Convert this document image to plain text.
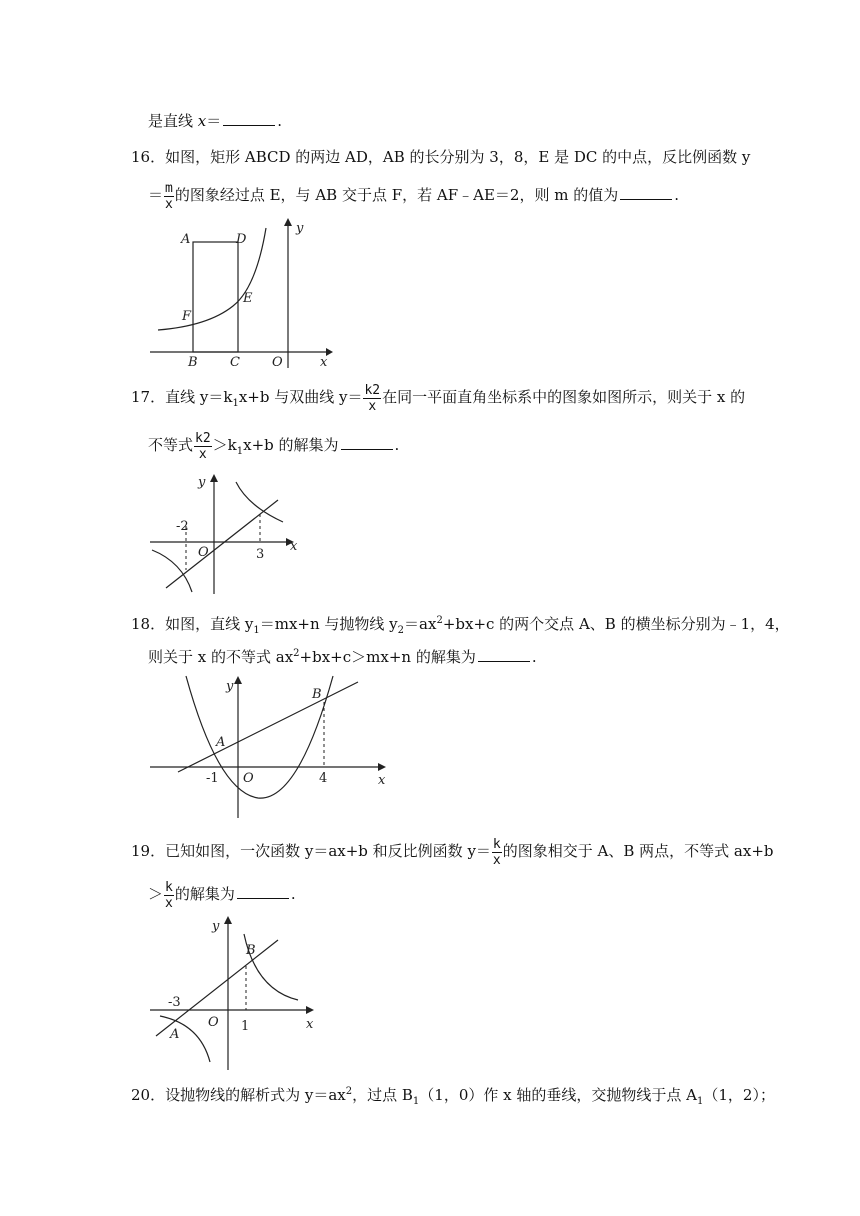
是直线 x＝	.
16．如图，矩形 ABCD 的两边 AD，AB 的长分别为 3，8，E 是 DC 的中点，反比例函数 y
＝ $\frac{m}{x}$ 的图象经过点 E，与 AB 交于点 F，若 AF﹣AE＝2，则 m 的值为	.
A	D
E
F
B C O	x
y
17．直线 $y=k_1x+b$ 与双曲线 $y= \frac{k2}{x}$ 在同一平面直角坐标系中的图象如图所示，则关于 x 的
不等式 $\frac{k2}{x} >k_1x+b$ 的解集为	.
y
x
O
-2
3
18．如图，直线 $y_1=mx+n$ 与抛物线 $y_2=ax^2+bx+c$ 的两个交点 A、B 的横坐标分别为﹣1，4，
则关于 x 的不等式 $ax^2+bx+c>mx+n$ 的解集为	.
y
x
A
B
O
-1	4
19．已知如图，一次函数 y＝ax+b 和反比例函数 $y= \frac{k}{x}$ 的图象相交于 A、B 两点，不等式 ax+b
＞ $\frac{k}{x}$ 的解集为	.
y
x
B
A
O
-3
1
20．设抛物线的解析式为 $y=ax^2$，过点 $B_1(1$，0）作 x 轴的垂线，交抛物线于点 $A_1(1$，2）；
